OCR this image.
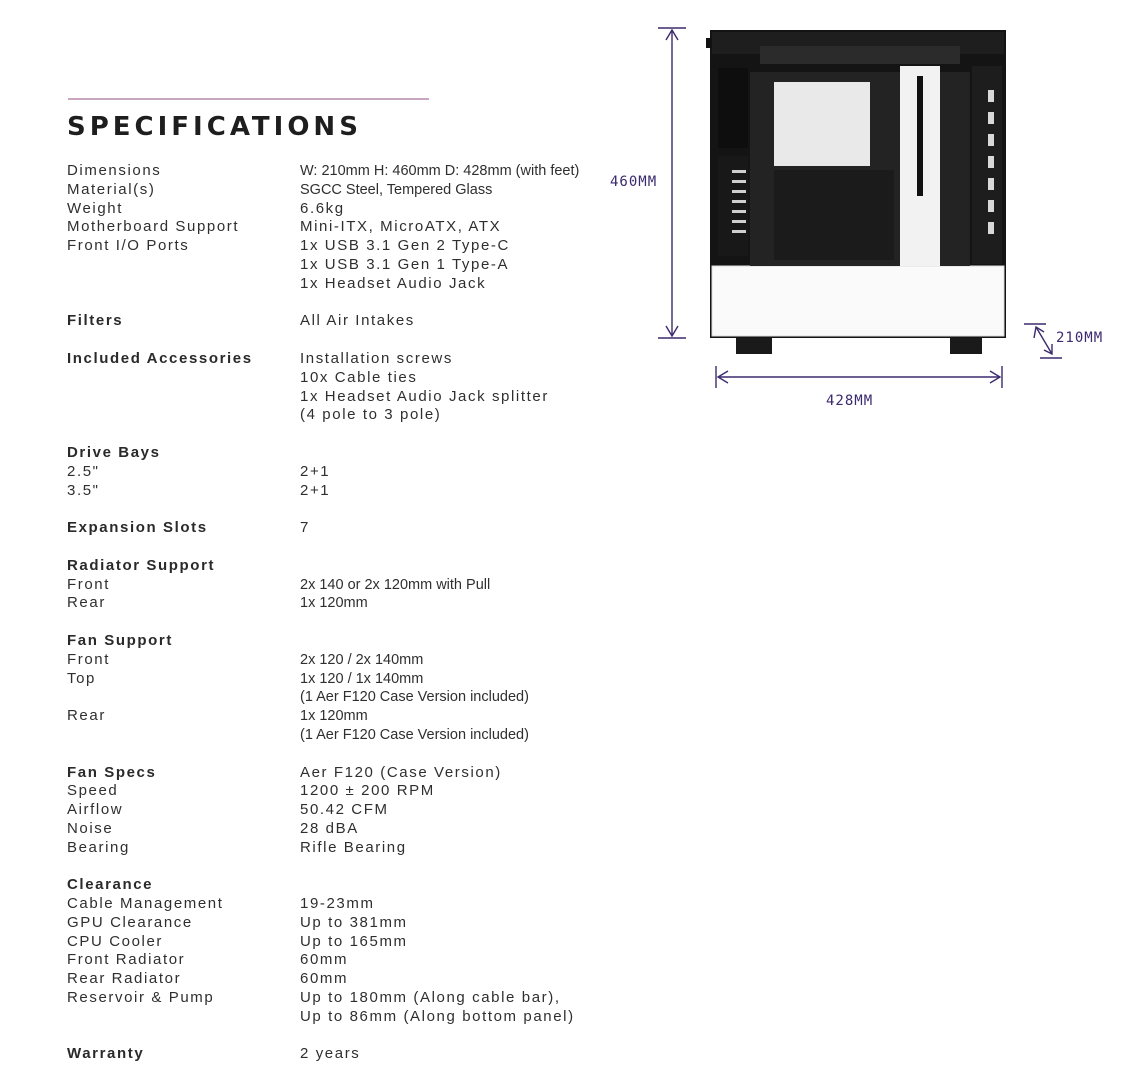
SPECIFICATIONS
Dimensions	W: 210mm H: 460mm D: 428mm (with feet)
Material(s)	SGCC Steel, Tempered Glass
Weight	6.6kg
Motherboard Support	Mini-ITX, MicroATX, ATX
Front I/O Ports	1x USB 3.1 Gen 2 Type-C
1x USB 3.1 Gen 1 Type-A
1x Headset Audio Jack
Filters	All Air Intakes
Included Accessories	Installation screws
10x Cable ties
1x Headset Audio Jack splitter
(4 pole to 3 pole)
Drive Bays
2.5"	2+1
3.5"	2+1
Expansion Slots	7
Radiator Support
Front	2x 140 or 2x 120mm with Pull
Rear	1x 120mm
Fan Support
Front	2x 120 / 2x 140mm
Top	1x 120 / 1x 140mm
(1 Aer F120 Case Version included)
Rear	1x 120mm
(1 Aer F120 Case Version included)
Fan Specs	Aer F120 (Case Version)
Speed	1200 ± 200 RPM
Airflow	50.42 CFM
Noise	28 dBA
Bearing	Rifle Bearing
Clearance
Cable Management	19-23mm
GPU Clearance	Up to 381mm
CPU Cooler	Up to 165mm
Front Radiator	60mm
Rear Radiator	60mm
Reservoir & Pump	Up to 180mm (Along cable bar),
Up to 86mm (Along bottom panel)
Warranty	2 years
460MM
210MM
428MM
